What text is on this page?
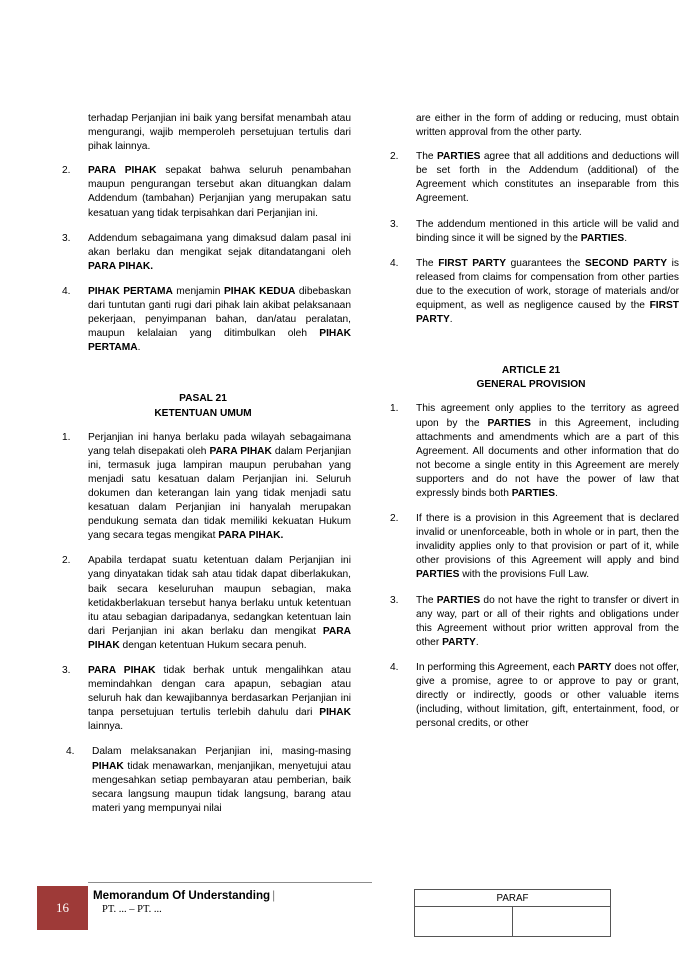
terhadap Perjanjian ini baik yang bersifat menambah atau mengurangi, wajib memperoleh persetujuan tertulis dari pihak lainnya.

2.	PARA PIHAK sepakat bahwa seluruh penambahan maupun pengurangan tersebut akan dituangkan dalam Addendum (tambahan) Perjanjian yang merupakan satu kesatuan yang tidak terpisahkan dari Perjanjian ini.
3.	Addendum sebagaimana yang dimaksud dalam pasal ini akan berlaku dan mengikat sejak ditandatangani oleh PARA PIHAK.
4.	PIHAK PERTAMA menjamin PIHAK KEDUA dibebaskan dari tuntutan ganti rugi dari pihak lain akibat pelaksanaan pekerjaan, penyimpanan bahan, dan/atau peralatan, maupun kelalaian yang ditimbulkan oleh PIHAK PERTAMA.
PASAL 21
KETENTUAN UMUM
1.	Perjanjian ini hanya berlaku pada wilayah sebagaimana yang telah disepakati oleh PARA PIHAK dalam Perjanjian ini, termasuk juga lampiran maupun perubahan yang menjadi satu kesatuan dalam Perjanjian ini. Seluruh dokumen dan keterangan lain yang tidak menjadi satu kesatuan dalam Perjanjian ini hanyalah merupakan pendukung semata dan tidak memiliki kekuatan Hukum yang secara tegas mengikat PARA PIHAK.
2.	Apabila terdapat suatu ketentuan dalam Perjanjian ini yang dinyatakan tidak sah atau tidak dapat diberlakukan, baik secara keseluruhan maupun sebagian, maka ketidakberlakuan tersebut hanya berlaku untuk ketentuan itu atau sebagian daripadanya, sedangkan ketentuan lain dari Perjanjian ini akan berlaku dan mengikat PARA PIHAK dengan ketentuan Hukum secara penuh.
3.	PARA PIHAK tidak berhak untuk mengalihkan atau memindahkan dengan cara apapun, sebagian atau seluruh hak dan kewajibannya berdasarkan Perjanjian ini tanpa persetujuan tertulis terlebih dahulu dari PIHAK lainnya.
4.	Dalam melaksanakan Perjanjian ini, masing-masing PIHAK tidak menawarkan, menjanjikan, menyetujui atau mengesahkan setiap pembayaran atau pemberian, baik secara langsung maupun tidak langsung, barang atau materi yang mempunyai nilai

are either in the form of adding or reducing, must obtain written approval from the other party.

2.	The PARTIES agree that all additions and deductions will be set forth in the Addendum (additional) of the Agreement which constitutes an inseparable from this Agreement.
3.	The addendum mentioned in this article will be valid and binding since it will be signed by the PARTIES.
4.	The FIRST PARTY guarantees the SECOND PARTY is released from claims for compensation from other parties due to the execution of work, storage of materials and/or equipment, as well as negligence caused by the FIRST PARTY.
ARTICLE 21
GENERAL PROVISION
1.	This agreement only applies to the territory as agreed upon by the PARTIES in this Agreement, including attachments and amendments which are a part of this Agreement. All documents and other information that do not become a single entity in this Agreement are merely supporters and do not have the power of law that expressly binds both PARTIES.
2.	If there is a provision in this Agreement that is declared invalid or unenforceable, both in whole or in part, then the invalidity applies only to that provision or part of it, while other provisions of this Agreement will apply and bind PARTIES with the provisions Full Law.
3.	The PARTIES do not have the right to transfer or divert in any way, part or all of their rights and obligations under this Agreement without prior written approval from the other PARTY.
4.	In performing this Agreement, each PARTY does not offer, give a promise, agree to or approve to pay or grant, directly or indirectly, goods or other valuable items (including, without limitation, gift, entertainment, food, or personal credits, or other
PARAF

16
Memorandum Of Understanding |
PT. ... – PT. ...
